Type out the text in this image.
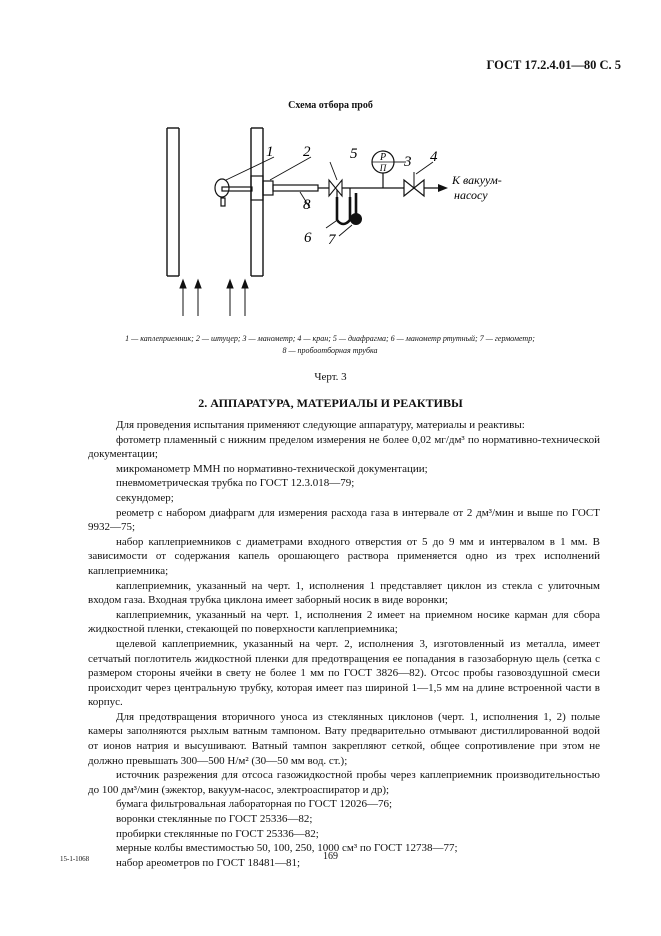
ГОСТ 17.2.4.01—80 С. 5
Схема отбора проб
P
П
К вакуум-
насосу
1 2
3 4
5
6 7
8
1 — каплеприемник; 2 — штуцер; 3 — манометр; 4 — кран; 5 — диафрагма; 6 — манометр ртутный; 7 — гермометр;
8 — пробоотборная трубка
Черт. 3
2. АППАРАТУРА, МАТЕРИАЛЫ И РЕАКТИВЫ

Для проведения испытания применяют следующие аппаратуру, материалы и реактивы:

фотометр пламенный с нижним пределом измерения не более 0,02 мг/дм³ по нормативно-технической документации;

микроманометр ММН по нормативно-технической документации;

пневмометрическая трубка по ГОСТ 12.3.018—79;

секундомер;

реометр с набором диафрагм для измерения расхода газа в интервале от 2 дм³/мин и выше по ГОСТ 9932—75;

набор каплеприемников с диаметрами входного отверстия от 5 до 9 мм и интервалом в 1 мм. В зависимости от содержания капель орошающего раствора применяется одно из трех исполнений каплеприемника;

каплеприемник, указанный на черт. 1, исполнения 1 представляет циклон из стекла с улиточным входом газа. Входная трубка циклона имеет заборный носик в виде воронки;

каплеприемник, указанный на черт. 1, исполнения 2 имеет на приемном носике карман для сбора жидкостной пленки, стекающей по поверхности каплеприемника;

щелевой каплеприемник, указанный на черт. 2, исполнения 3, изготовленный из металла, имеет сетчатый поглотитель жидкостной пленки для предотвращения ее попадания в газозаборную щель (сетка с размером стороны ячейки в свету не более 1 мм по ГОСТ 3826—82). Отсос пробы газовоздушной смеси происходит через центральную трубку, которая имеет паз шириной 1—1,5 мм на длине встроенной части в корпус.

Для предотвращения вторичного уноса из стеклянных циклонов (черт. 1, исполнения 1, 2) полые камеры заполняются рыхлым ватным тампоном. Вату предварительно отмывают дистиллированной водой от ионов натрия и высушивают. Ватный тампон закрепляют сеткой, общее сопротивление при этом не должно превышать 300—500 Н/м² (30—50 мм вод. ст.);

источник разрежения для отсоса газожидкостной пробы через каплеприемник производительностью до 100 дм³/мин (эжектор, вакуум-насос, электроаспиратор и др);

бумага фильтровальная лабораторная по ГОСТ 12026—76;

воронки стеклянные по ГОСТ 25336—82;

пробирки стеклянные по ГОСТ 25336—82;

мерные колбы вместимостью 50, 100, 250, 1000 см³ по ГОСТ 12738—77;

набор ареометров по ГОСТ 18481—81;

15-1-1068	169
